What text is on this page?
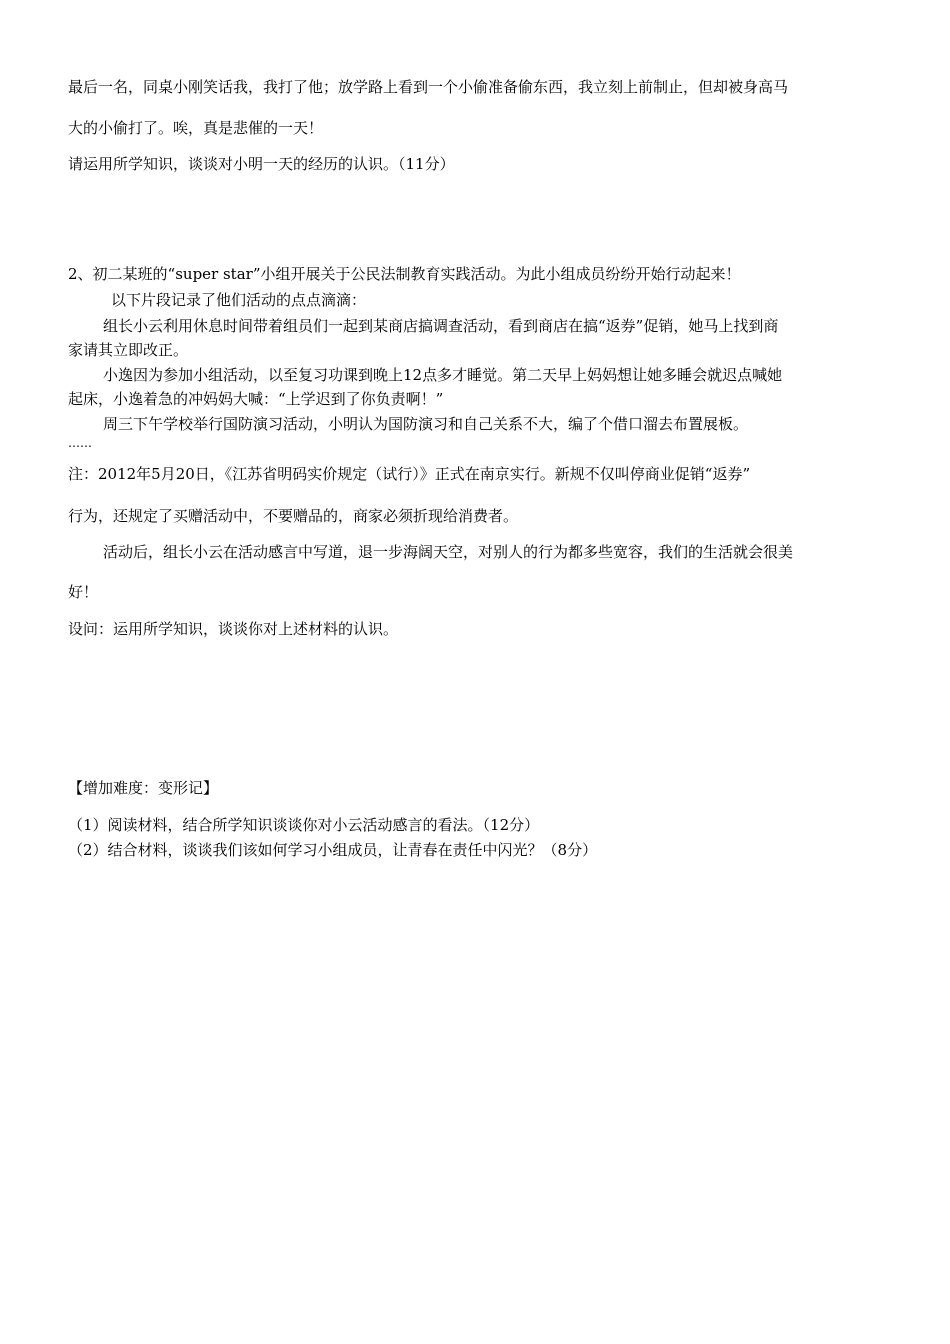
最后一名，同桌小刚笑话我，我打了他；放学路上看到一个小偷准备偷东西，我立刻上前制止，但却被身高马
大的小偷打了。唉，真是悲催的一天！
请运用所学知识，谈谈对小明一天的经历的认识。（11分）
2、初二某班的“super star”小组开展关于公民法制教育实践活动。为此小组成员纷纷开始行动起来！
以下片段记录了他们活动的点点滴滴：
组长小云利用休息时间带着组员们一起到某商店搞调查活动，看到商店在搞“返券”促销，她马上找到商
家请其立即改正。
小逸因为参加小组活动，以至复习功课到晚上12点多才睡觉。第二天早上妈妈想让她多睡会就迟点喊她
起床，小逸着急的冲妈妈大喊：“上学迟到了你负责啊！”
周三下午学校举行国防演习活动，小明认为国防演习和自己关系不大，编了个借口溜去布置展板。
……
注：2012年5月20日，《江苏省明码实价规定（试行）》正式在南京实行。新规不仅叫停商业促销“返券”
行为，还规定了买赠活动中，不要赠品的，商家必须折现给消费者。
活动后，组长小云在活动感言中写道，退一步海阔天空，对别人的行为都多些宽容，我们的生活就会很美
好！
设问：运用所学知识，谈谈你对上述材料的认识。
【增加难度：变形记】
（1）阅读材料，结合所学知识谈谈你对小云活动感言的看法。（12分）
（2）结合材料，谈谈我们该如何学习小组成员，让青春在责任中闪光？（8分）
